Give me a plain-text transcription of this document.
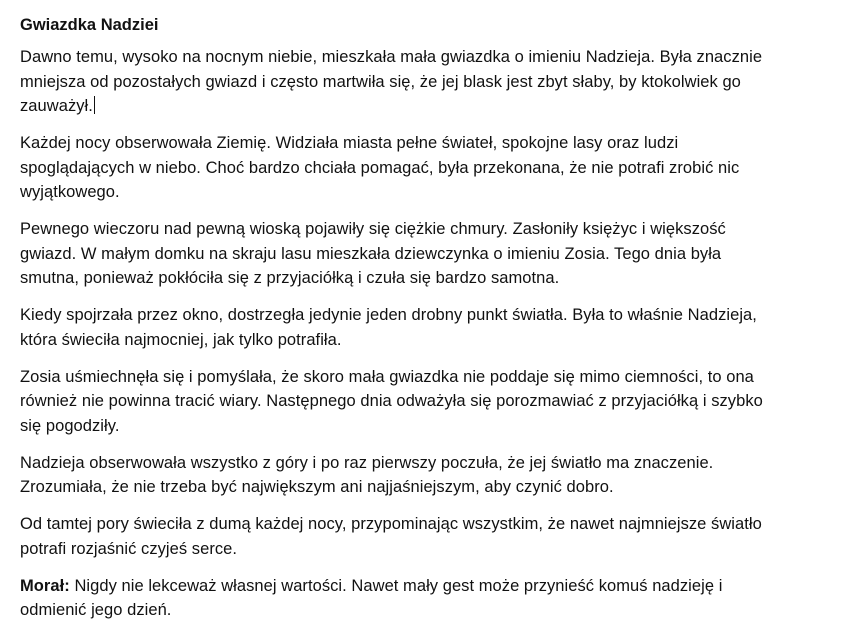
Gwiazdka Nadziei

Dawno temu, wysoko na nocnym niebie, mieszkała mała gwiazdka o imieniu Nadzieja. Była znacznie mniejsza od pozostałych gwiazd i często martwiła się, że jej blask jest zbyt słaby, by ktokolwiek go zauważył.

Każdej nocy obserwowała Ziemię. Widziała miasta pełne świateł, spokojne lasy oraz ludzi spoglądających w niebo. Choć bardzo chciała pomagać, była przekonana, że nie potrafi zrobić nic wyjątkowego.

Pewnego wieczoru nad pewną wioską pojawiły się ciężkie chmury. Zasłoniły księżyc i większość gwiazd. W małym domku na skraju lasu mieszkała dziewczynka o imieniu Zosia. Tego dnia była smutna, ponieważ pokłóciła się z przyjaciółką i czuła się bardzo samotna.

Kiedy spojrzała przez okno, dostrzegła jedynie jeden drobny punkt światła. Była to właśnie Nadzieja, która świeciła najmocniej, jak tylko potrafiła.

Zosia uśmiechnęła się i pomyślała, że skoro mała gwiazdka nie poddaje się mimo ciemności, to ona również nie powinna tracić wiary. Następnego dnia odważyła się porozmawiać z przyjaciółką i szybko się pogodziły.

Nadzieja obserwowała wszystko z góry i po raz pierwszy poczuła, że jej światło ma znaczenie. Zrozumiała, że nie trzeba być największym ani najjaśniejszym, aby czynić dobro.

Od tamtej pory świeciła z dumą każdej nocy, przypominając wszystkim, że nawet najmniejsze światło potrafi rozjaśnić czyjeś serce.

Morał: Nigdy nie lekceważ własnej wartości. Nawet mały gest może przynieść komuś nadzieję i odmienić jego dzień.
